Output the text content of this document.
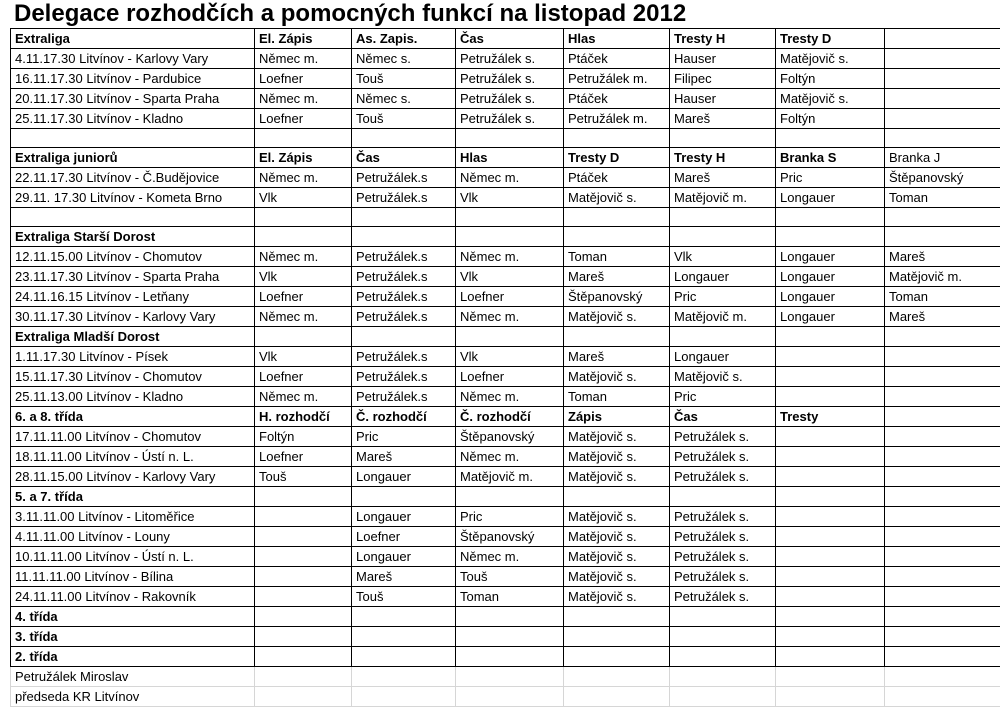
Delegace rozhodčích a pomocných funkcí na listopad 2012
Extraliga	El. Zápis	As. Zapis.	Čas	Hlas	Tresty H	Tresty D	
4.11.17.30 Litvínov - Karlovy Vary	Němec m.	Němec s.	Petružálek s.	Ptáček	Hauser	Matějovič s.	
16.11.17.30 Litvínov - Pardubice	Loefner	Touš	Petružálek s.	Petružálek m.	Filipec	Foltýn	
20.11.17.30 Litvínov - Sparta Praha	Němec m.	Němec s.	Petružálek s.	Ptáček	Hauser	Matějovič s.	
25.11.17.30 Litvínov - Kladno	Loefner	Touš	Petružálek s.	Petružálek m.	Mareš	Foltýn	

Extraliga juniorů	El. Zápis	Čas	Hlas	Tresty D	Tresty H	Branka S	Branka J
22.11.17.30 Litvínov - Č.Budějovice	Němec m.	Petružálek.s	Němec m.	Ptáček	Mareš	Pric	Štěpanovský
29.11. 17.30 Litvínov - Kometa Brno	Vlk	Petružálek.s	Vlk	Matějovič s.	Matějovič m.	Longauer	Toman

Extraliga Starší Dorost							
12.11.15.00 Litvínov - Chomutov	Němec m.	Petružálek.s	Němec m.	Toman	Vlk	Longauer	Mareš
23.11.17.30 Litvínov - Sparta Praha	Vlk	Petružálek.s	Vlk	Mareš	Longauer	Longauer	Matějovič m.
24.11.16.15 Litvínov - Letňany	Loefner	Petružálek.s	Loefner	Štěpanovský	Pric	Longauer	Toman
30.11.17.30 Litvínov - Karlovy Vary	Němec m.	Petružálek.s	Němec m.	Matějovič s.	Matějovič m.	Longauer	Mareš
Extraliga Mladší Dorost							
1.11.17.30 Litvínov - Písek	Vlk	Petružálek.s	Vlk	Mareš	Longauer		
15.11.17.30 Litvínov - Chomutov	Loefner	Petružálek.s	Loefner	Matějovič s.	Matějovič s.		
25.11.13.00 Litvínov - Kladno	Němec m.	Petružálek.s	Němec m.	Toman	Pric		
6. a 8. třída	H. rozhodčí	Č. rozhodčí	Č. rozhodčí	Zápis	Čas	Tresty	
17.11.11.00 Litvínov - Chomutov	Foltýn	Pric	Štěpanovský	Matějovič s.	Petružálek s.		
18.11.11.00 Litvínov - Ústí n. L.	Loefner	Mareš	Němec m.	Matějovič s.	Petružálek s.		
28.11.15.00 Litvínov - Karlovy Vary	Touš	Longauer	Matějovič m.	Matějovič s.	Petružálek s.		
5. a 7. třída							
3.11.11.00 Litvínov - Litoměřice		Longauer	Pric	Matějovič s.	Petružálek s.		
4.11.11.00 Litvínov - Louny		Loefner	Štěpanovský	Matějovič s.	Petružálek s.		
10.11.11.00 Litvínov - Ústí n. L.		Longauer	Němec m.	Matějovič s.	Petružálek s.		
11.11.11.00 Litvínov - Bílina		Mareš	Touš	Matějovič s.	Petružálek s.		
24.11.11.00 Litvínov - Rakovník		Touš	Toman	Matějovič s.	Petružálek s.		
4. třída							
3. třída							
2. třída							
Petružálek Miroslav							
předseda KR Litvínov							
